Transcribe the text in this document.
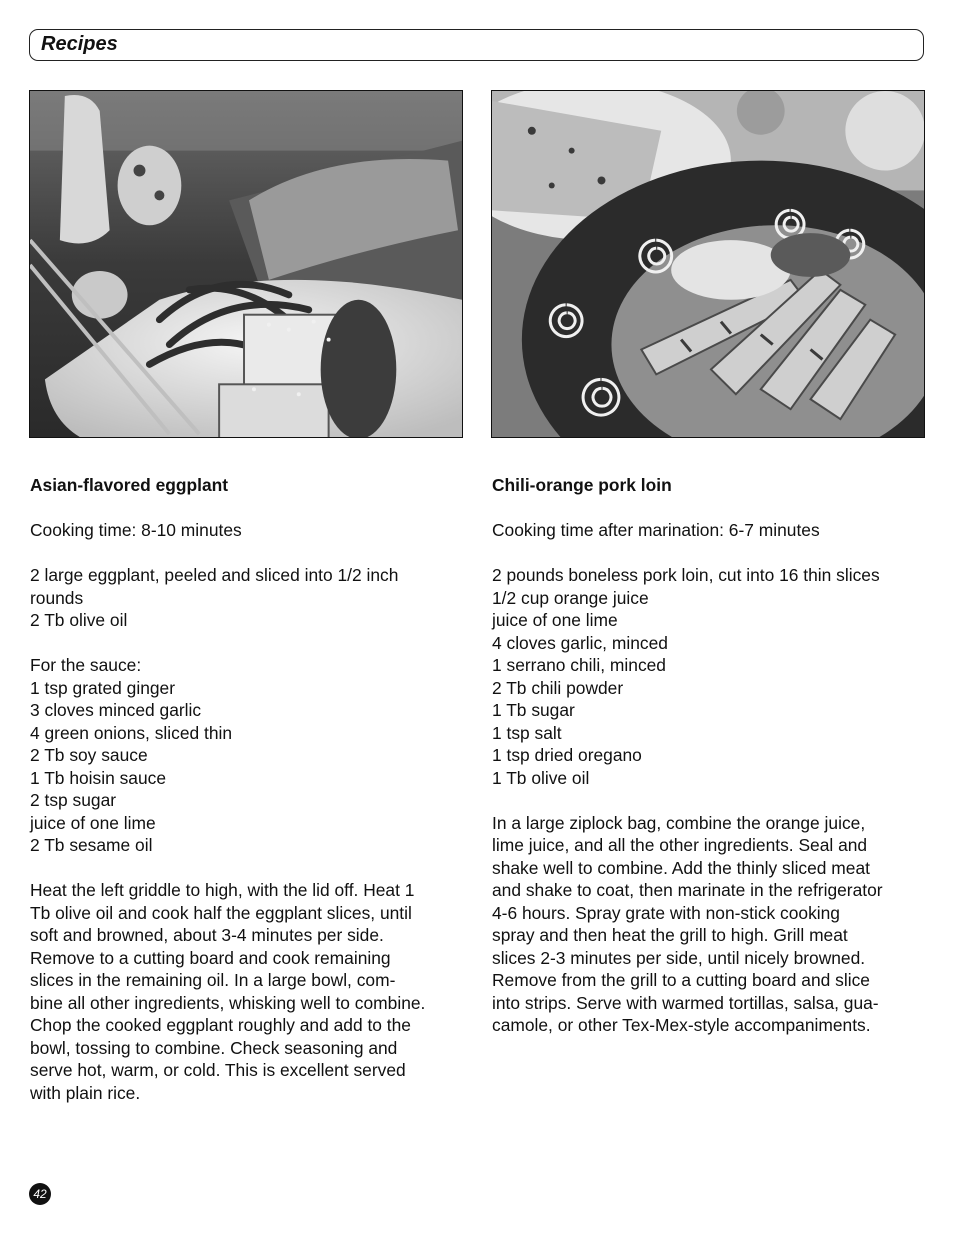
Recipes

Asian-flavored eggplant

Cooking time: 8-10 minutes

2 large eggplant, peeled and sliced into 1/2 inch

rounds

2 Tb olive oil

For the sauce:

1 tsp grated ginger

3 cloves minced garlic

4 green onions, sliced thin

2 Tb soy sauce

1 Tb hoisin sauce

2 tsp sugar

juice of one lime

2 Tb sesame oil

Heat the left griddle to high, with the lid off. Heat 1

Tb olive oil and cook half the eggplant slices, until

soft and browned, about 3-4 minutes per side.

Remove to a cutting board and cook remaining

slices in the remaining oil. In a large bowl, com-

bine all other ingredients, whisking well to combine.

Chop the cooked eggplant roughly and add to the

bowl, tossing to combine. Check seasoning and

serve hot, warm, or cold. This is excellent served

with plain rice.

Chili-orange pork loin

Cooking time after marination: 6-7 minutes

2 pounds boneless pork loin, cut into 16 thin slices

1/2 cup orange juice

juice of one lime

4 cloves garlic, minced

1 serrano chili, minced

2 Tb chili powder

1 Tb sugar

1 tsp salt

1 tsp dried oregano

1 Tb olive oil

In a large ziplock bag, combine the orange juice,

lime juice, and all the other ingredients. Seal and

shake well to combine. Add the thinly sliced meat

and shake to coat, then marinate in the refrigerator

4-6 hours. Spray grate with non-stick cooking

spray and then heat the grill to high. Grill meat

slices 2-3 minutes per side, until nicely browned.

Remove from the grill to a cutting board and slice

into strips. Serve with warmed tortillas, salsa, gua-

camole, or other Tex-Mex-style accompaniments.

42
